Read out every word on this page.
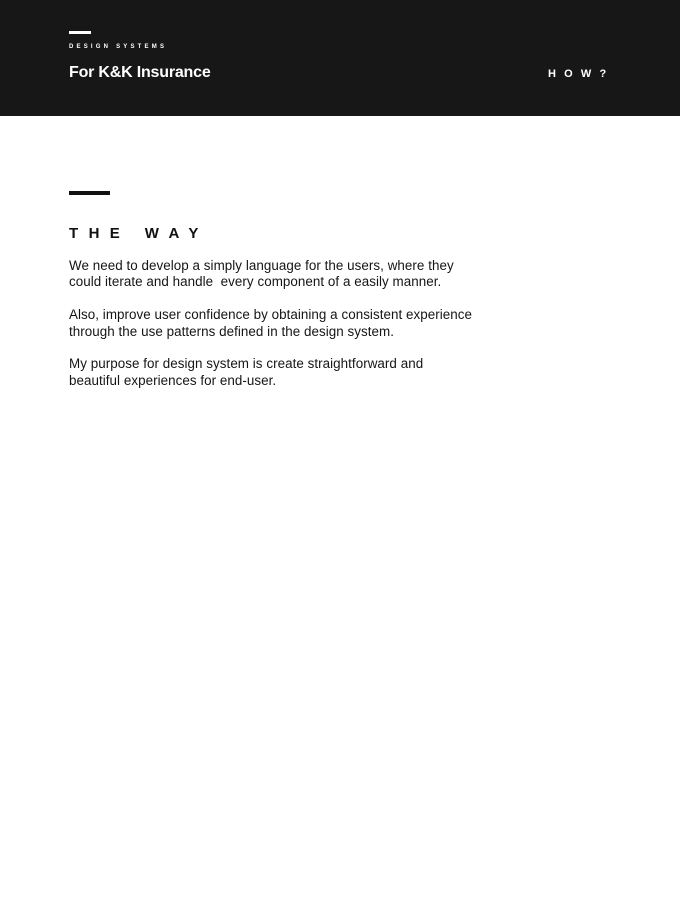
DESIGN SYSTEMS
For K&K Insurance	HOW?
THE WAY

We need to develop a simply language for the users, where they
could iterate and handle  every component of a easily manner.

Also, improve user confidence by obtaining a consistent experience
through the use patterns defined in the design system.

My purpose for design system is create straightforward and
beautiful experiences for end-user.
